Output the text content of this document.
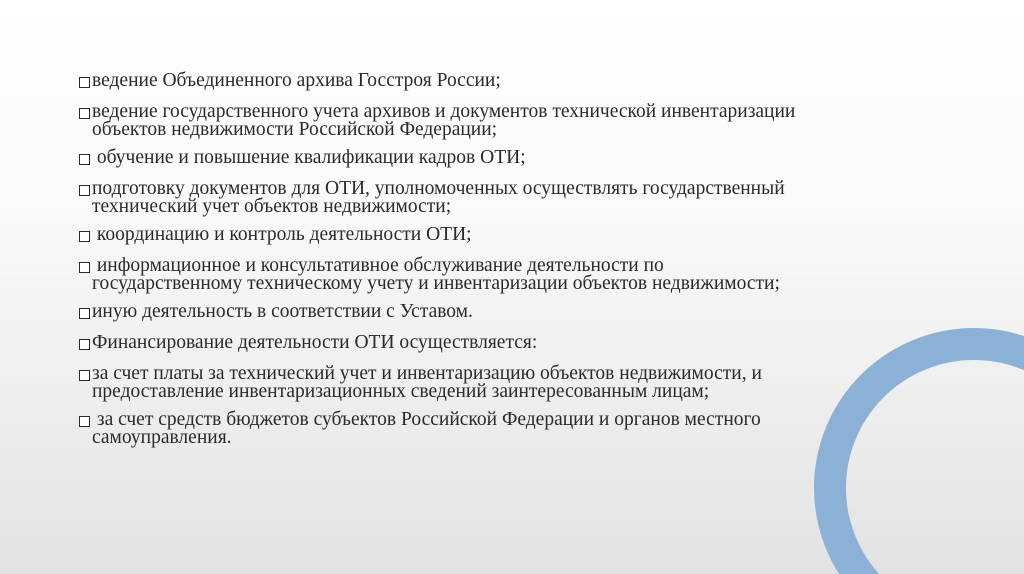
ведение Объединенного архива Госстроя России;
ведение государственного учета архивов и документов технической инвентаризации
объектов недвижимости Российской Федерации;
обучение и повышение квалификации кадров ОТИ;
подготовку документов для ОТИ, уполномоченных осуществлять государственный
технический учет объектов недвижимости;
координацию и контроль деятельности ОТИ;
информационное и консультативное обслуживание деятельности по
государственному техническому учету и инвентаризации объектов недвижимости;
иную деятельность в соответствии с Уставом.
Финансирование деятельности ОТИ осуществляется:
за счет платы за технический учет и инвентаризацию объектов недвижимости, и
предоставление инвентаризационных сведений заинтересованным лицам;
за счет средств бюджетов субъектов Российской Федерации и органов местного
самоуправления.
